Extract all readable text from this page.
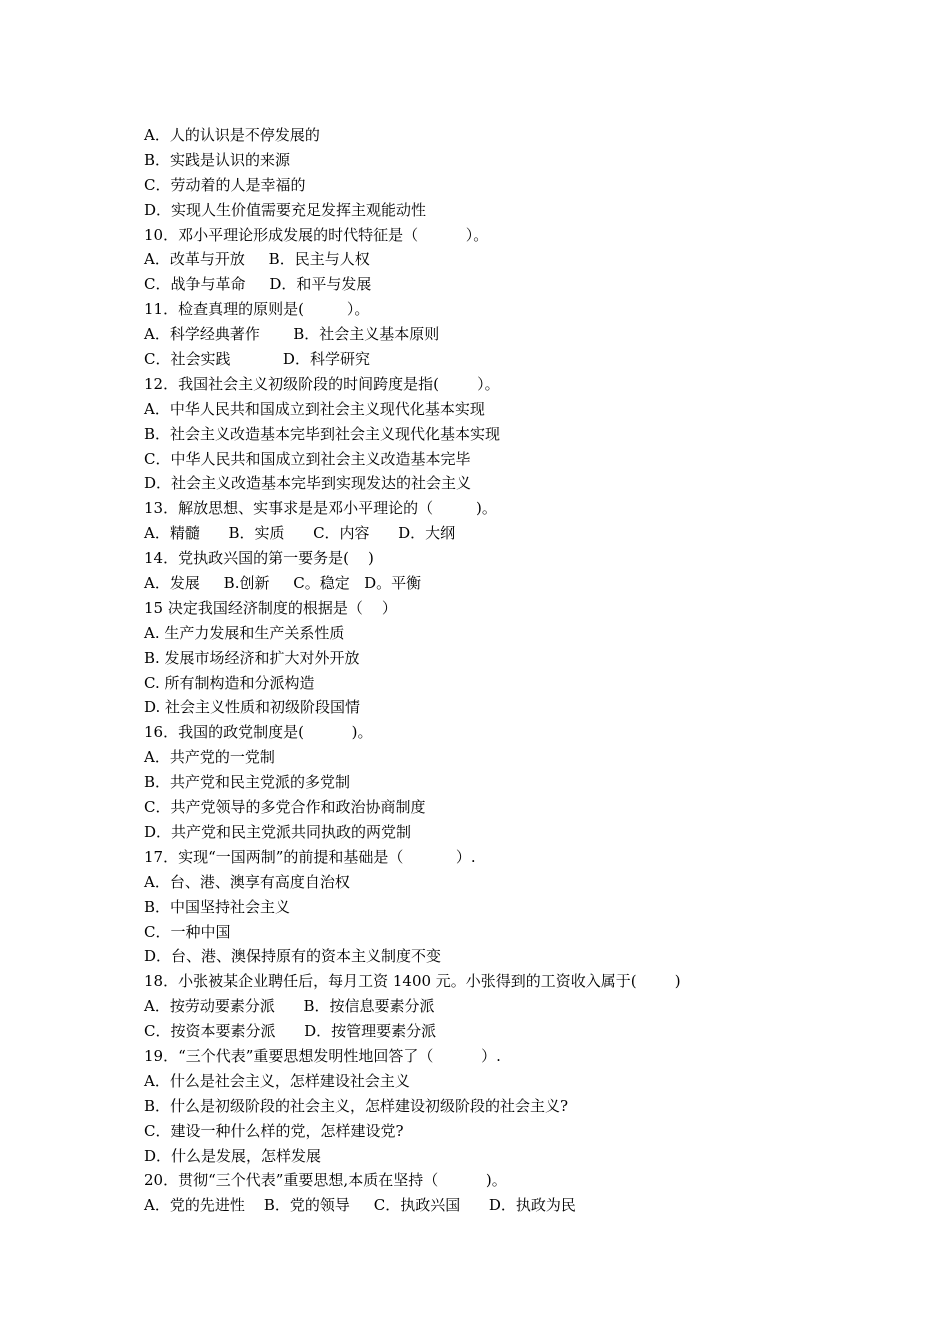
A．人的认识是不停发展的
B．实践是认识的来源
C．劳动着的人是幸福的
D．实现人生价值需要充足发挥主观能动性
10．邓小平理论形成发展的时代特征是（          ）。
A．改革与开放     B．民主与人权
C．战争与革命     D．和平与发展
11．检查真理的原则是(         ）。
A．科学经典著作       B．社会主义基本原则
C．社会实践           D．科学研究
12．我国社会主义初级阶段的时间跨度是指(        ）。
A．中华人民共和国成立到社会主义现代化基本实现
B．社会主义改造基本完毕到社会主义现代化基本实现
C．中华人民共和国成立到社会主义改造基本完毕
D．社会主义改造基本完毕到实现发达的社会主义
13．解放思想、实事求是是邓小平理论的（         )。
A．精髓      B．实质      C．内容      D．大纲
14．党执政兴国的第一要务是(    )
A．发展     B.创新     C。稳定   D。平衡
15 决定我国经济制度的根据是（    ）
A. 生产力发展和生产关系性质
B. 发展市场经济和扩大对外开放
C. 所有制构造和分派构造
D. 社会主义性质和初级阶段国情
16．我国的政党制度是(          )。
A．共产党的一党制
B．共产党和民主党派的多党制
C．共产党领导的多党合作和政治协商制度
D．共产党和民主党派共同执政的两党制
17．实现“一国两制”的前提和基础是（           ）.
A．台、港、澳享有高度自治权
B．中国坚持社会主义
C．一种中国
D．台、港、澳保持原有的资本主义制度不变
18．小张被某企业聘任后，每月工资 1400 元。小张得到的工资收入属于(        )
A．按劳动要素分派      B．按信息要素分派
C．按资本要素分派      D．按管理要素分派
19．“三个代表”重要思想发明性地回答了（          ）.
A．什么是社会主义，怎样建设社会主义
B．什么是初级阶段的社会主义，怎样建设初级阶段的社会主义?
C．建设一种什么样的党，怎样建设党?
D．什么是发展，怎样发展
20．贯彻“三个代表”重要思想,本质在坚持（          )。
A．党的先进性    B．党的领导     C．执政兴国      D．执政为民
